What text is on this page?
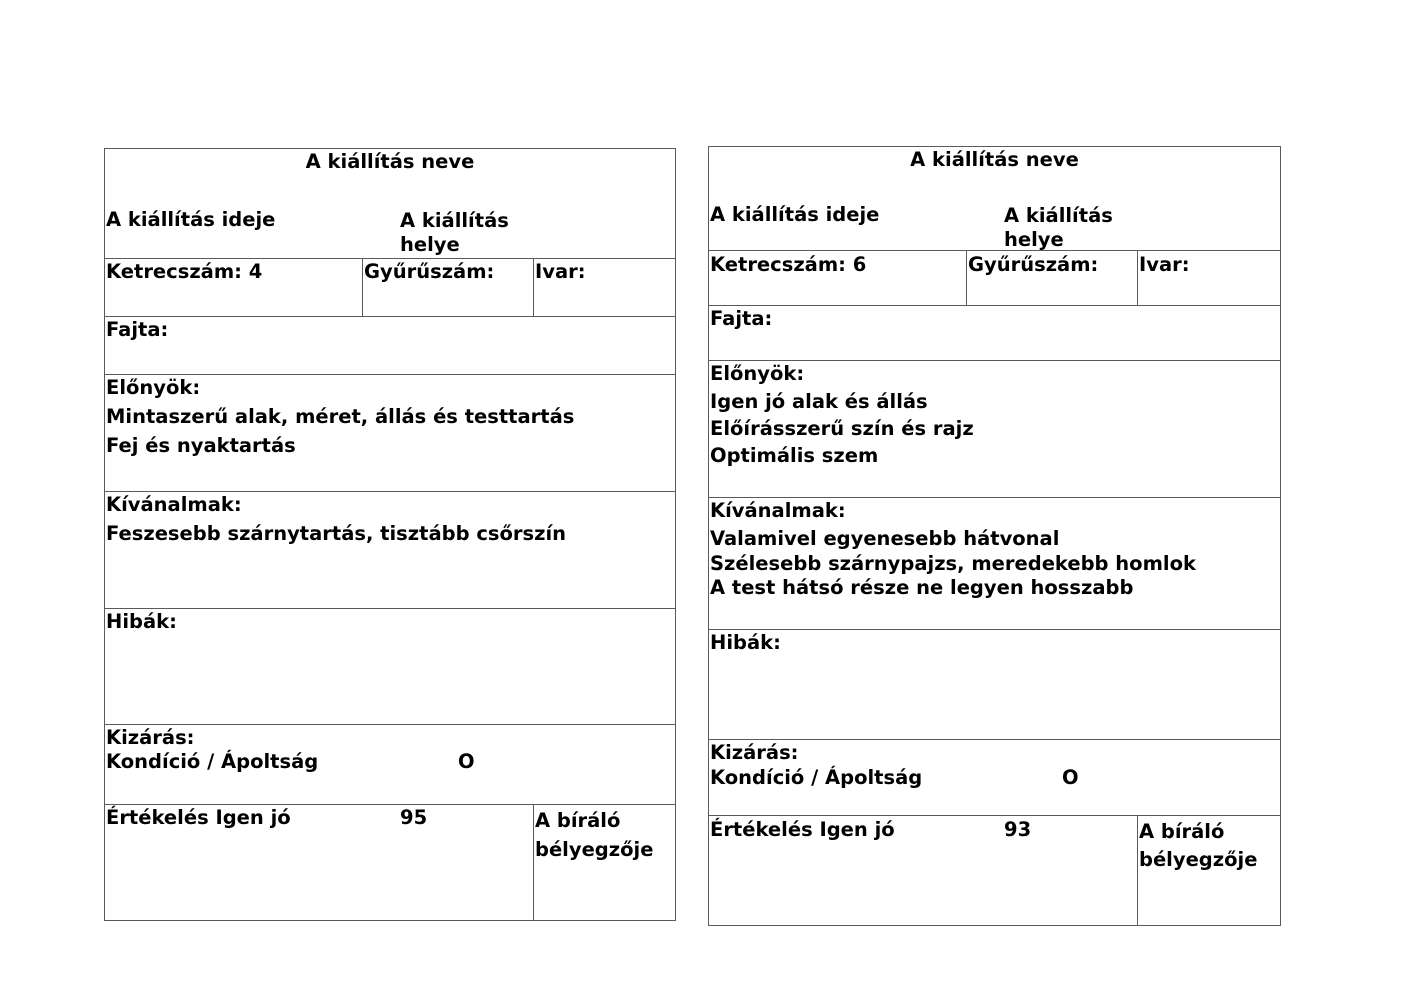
A kiállítás neve
A kiállítás ideje	A kiállítás helye
Ketrecszám: 4	Gyűrűszám: Ivar:
Fajta:
Előnyök:
Mintaszerű alak, méret, állás és testtartás
Fej és nyaktartás
Kívánalmak:
Feszesebb szárnytartás, tisztább csőrszín
Hibák:
Kizárás:
Kondíció / Ápoltság	O
Értékelés Igen jó	95	A bíráló bélyegzője
A kiállítás neve
A kiállítás ideje	A kiállítás helye
Ketrecszám: 6	Gyűrűszám: Ivar:
Fajta:
Előnyök:
Igen jó alak és állás
Előírásszerű szín és rajz
Optimális szem
Kívánalmak:
Valamivel egyenesebb hátvonal
Szélesebb szárnypajzs, meredekebb homlok
A test hátsó része ne legyen hosszabb
Hibák:
Kizárás:
Kondíció / Ápoltság	O
Értékelés Igen jó	93	A bíráló bélyegzője
